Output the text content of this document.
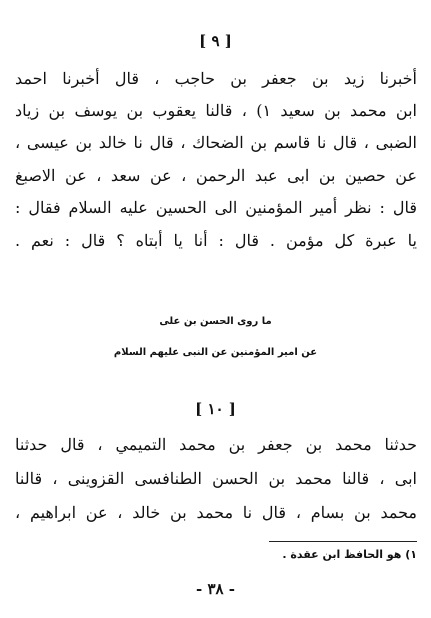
[ ٩ ]
أخبرنا زيد بن جعفر بن حاجب ، قال أخبرنا احمد
ابن محمد بن سعيد ١) ، قالنا يعقوب بن يوسف بن زياد
الضبى ، قال نا قاسم بن الضحاك ، قال نا خالد بن عيسى ،
عن حصين بن ابى عبد الرحمن ، عن سعد ، عن الاصبغ
قال : نظر أمير المؤمنين الى الحسين عليه السلام فقال :
يا عبرة كل مؤمن . قال : أنا يا أبتاه ؟ قال : نعم .
ما روى الحسن بن على
عن امير المؤمنين عن النبى عليهم السلام
[ ١٠ ]
حدثنا محمد بن جعفر بن محمد التميمي ، قال حدثنا
ابى ، قالنا محمد بن الحسن الطنافسى القزوينى ، قالنا
محمد بن بسام ، قال نا محمد بن خالد ، عن ابراهيم ،
١) هو الحافظ ابن عقدة .
- ٣٨ -
